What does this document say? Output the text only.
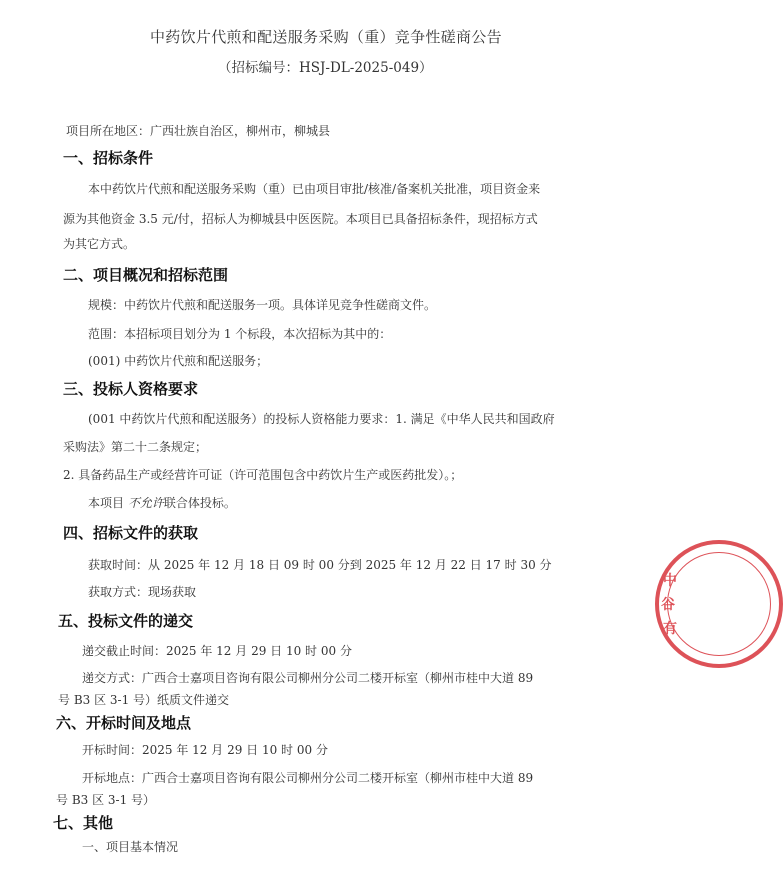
中药饮片代煎和配送服务采购（重）竞争性磋商公告
（招标编号：HSJ-DL-2025-049）
项目所在地区：广西壮族自治区，柳州市，柳城县
一、招标条件
本中药饮片代煎和配送服务采购（重）已由项目审批/核准/备案机关批准，项目资金来
源为其他资金 3.5 元/付，招标人为柳城县中医医院。本项目已具备招标条件，现招标方式
为其它方式。
二、项目概况和招标范围
规模：中药饮片代煎和配送服务一项。具体详见竞争性磋商文件。
范围：本招标项目划分为 1 个标段，本次招标为其中的：
(001) 中药饮片代煎和配送服务；
三、投标人资格要求
(001 中药饮片代煎和配送服务）的投标人资格能力要求：1. 满足《中华人民共和国政府
采购法》第二十二条规定；
2. 具备药品生产或经营许可证（许可范围包含中药饮片生产或医药批发）。；
本项目 不允许联合体投标。
四、招标文件的获取
获取时间：从 2025 年 12 月 18 日 09 时 00 分到 2025 年 12 月 22 日 17 时 30 分
获取方式：现场获取
五、投标文件的递交
递交截止时间：2025 年 12 月 29 日 10 时 00 分
递交方式：广西合士嘉项目咨询有限公司柳州分公司二楼开标室（柳州市桂中大道 89
号 B3 区 3-1 号）纸质文件递交
六、开标时间及地点
开标时间：2025 年 12 月 29 日 10 时 00 分
开标地点：广西合士嘉项目咨询有限公司柳州分公司二楼开标室（柳州市桂中大道 89
号 B3 区 3-1 号）
七、其他
一、项目基本情况
中
谷
有
